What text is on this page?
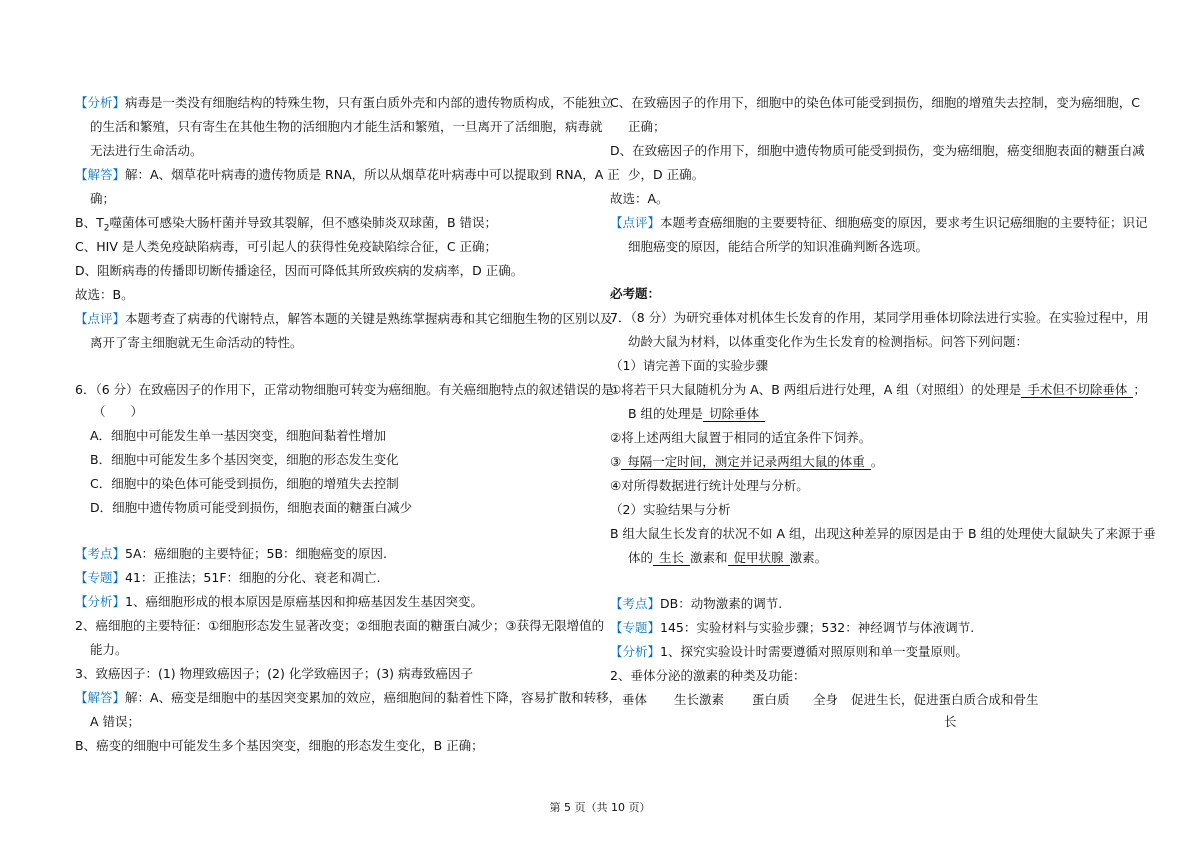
【分析】病毒是一类没有细胞结构的特殊生物，只有蛋白质外壳和内部的遗传物质构成，不能独立
的生活和繁殖，只有寄生在其他生物的活细胞内才能生活和繁殖，一旦离开了活细胞，病毒就
无法进行生命活动。
【解答】解：A、烟草花叶病毒的遗传物质是 RNA，所以从烟草花叶病毒中可以提取到 RNA，A 正
确；
B、$T_2$噬菌体可感染大肠杆菌并导致其裂解，但不感染肺炎双球菌，B 错误；
C、HIV 是人类免疫缺陷病毒，可引起人的获得性免疫缺陷综合征，C 正确；
D、阻断病毒的传播即切断传播途径，因而可降低其所致疾病的发病率，D 正确。
故选：B。
【点评】本题考查了病毒的代谢特点，解答本题的关键是熟练掌握病毒和其它细胞生物的区别以及
离开了寄主细胞就无生命活动的特性。
6．（6 分）在致癌因子的作用下，正常动物细胞可转变为癌细胞。有关癌细胞特点的叙述错误的是
（　　）
A．细胞中可能发生单一基因突变，细胞间黏着性增加
B．细胞中可能发生多个基因突变，细胞的形态发生变化
C．细胞中的染色体可能受到损伤，细胞的增殖失去控制
D．细胞中遗传物质可能受到损伤，细胞表面的糖蛋白减少
【考点】5A：癌细胞的主要特征；5B：细胞癌变的原因.
【专题】41：正推法；51F：细胞的分化、衰老和凋亡.
【分析】1、癌细胞形成的根本原因是原癌基因和抑癌基因发生基因突变。
2、癌细胞的主要特征：①细胞形态发生显著改变；②细胞表面的糖蛋白减少；③获得无限增值的
能力。
3、致癌因子：(1) 物理致癌因子；(2) 化学致癌因子；(3) 病毒致癌因子
【解答】解：A、癌变是细胞中的基因突变累加的效应，癌细胞间的黏着性下降，容易扩散和转移，
A 错误；
B、癌变的细胞中可能发生多个基因突变，细胞的形态发生变化，B 正确；
C、在致癌因子的作用下，细胞中的染色体可能受到损伤，细胞的增殖失去控制，变为癌细胞，C
正确；
D、在致癌因子的作用下，细胞中遗传物质可能受到损伤，变为癌细胞，癌变细胞表面的糖蛋白减
少，D 正确。
故选：A。
【点评】本题考查癌细胞的主要要特征、细胞癌变的原因，要求考生识记癌细胞的主要特征；识记
细胞癌变的原因，能结合所学的知识准确判断各选项。
必考题：
7．（8 分）为研究垂体对机体生长发育的作用，某同学用垂体切除法进行实验。在实验过程中，用
幼龄大鼠为材料，以体重变化作为生长发育的检测指标。问答下列问题：
（1）请完善下面的实验步骤
①将若干只大鼠随机分为 A、B 两组后进行处理，A 组（对照组）的处理是 手术但不切除垂体 ；
B 组的处理是 切除垂体
②将上述两组大鼠置于相同的适宜条件下饲养。
③ 每隔一定时间，测定并记录两组大鼠的体重 。
④对所得数据进行统计处理与分析。
（2）实验结果与分析
B 组大鼠生长发育的状况不如 A 组，出现这种差异的原因是由于 B 组的处理使大鼠缺失了来源于垂
体的 生长 激素和 促甲状腺 激素。
【考点】DB：动物激素的调节.
【专题】145：实验材料与实验步骤；532：神经调节与体液调节.
【分析】1、探究实验设计时需要遵循对照原则和单一变量原则。
2、垂体分泌的激素的种类及功能：
垂体 生长激素 蛋白质 全身 促进生长，促进蛋白质合成和骨生
长
第 5 页（共 10 页）
